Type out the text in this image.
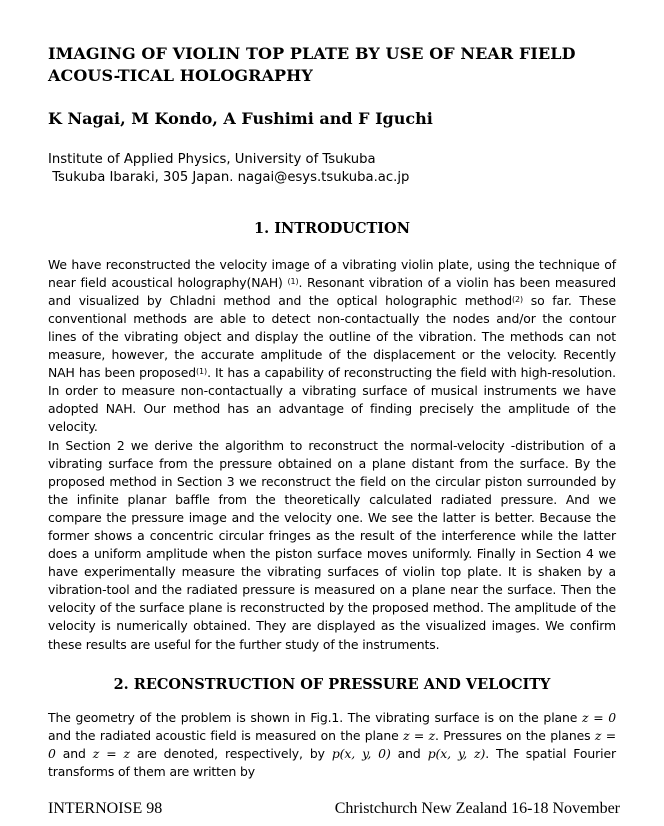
IMAGING OF VIOLIN TOP PLATE BY USE OF NEAR FIELD ACOUS-TICAL HOLOGRAPHY

K Nagai, M Kondo, A Fushimi and F Iguchi

Institute of Applied Physics, University of Tsukuba
Tsukuba Ibaraki, 305 Japan. nagai@esys.tsukuba.ac.jp

1. INTRODUCTION

We have reconstructed the velocity image of a vibrating violin plate, using the technique of near field acoustical holography(NAH) $^{(1)}$. Resonant vibration of a violin has been measured and visualized by Chladni method and the optical holographic method$^{(2)}$ so far. These conventional methods are able to detect non-contactually the nodes and/or the contour lines of the vibrating object and display the outline of the vibration. The methods can not measure, however, the accurate amplitude of the displacement or the velocity. Recently NAH has been proposed$^{(1)}$. It has a capability of reconstructing the field with high-resolution. In order to measure non-contactually a vibrating surface of musical instruments we have adopted NAH. Our method has an advantage of finding precisely the amplitude of the velocity.

In Section 2 we derive the algorithm to reconstruct the normal-velocity -distribution of a vibrating surface from the pressure obtained on a plane distant from the surface. By the proposed method in Section 3 we reconstruct the field on the circular piston surrounded by the infinite planar baffle from the theoretically calculated radiated pressure. And we compare the pressure image and the velocity one. We see the latter is better. Because the former shows a concentric circular fringes as the result of the interference while the latter does a uniform amplitude when the piston surface moves uniformly. Finally in Section 4 we have experimentally measure the vibrating surfaces of violin top plate. It is shaken by a vibration-tool and the radiated pressure is measured on a plane near the surface. Then the velocity of the surface plane is reconstructed by the proposed method. The amplitude of the velocity is numerically obtained. They are displayed as the visualized images. We confirm these results are useful for the further study of the instruments.

2. RECONSTRUCTION OF PRESSURE AND VELOCITY

The geometry of the problem is shown in Fig.1. The vibrating surface is on the plane z = 0 and the radiated acoustic field is measured on the plane z = z. Pressures on the planes z = 0 and z = z are denoted, respectively, by p(x, y, 0) and p(x, y, z). The spatial Fourier transforms of them are written by

INTERNOISE 98	Christchurch New Zealand 16-18 November
